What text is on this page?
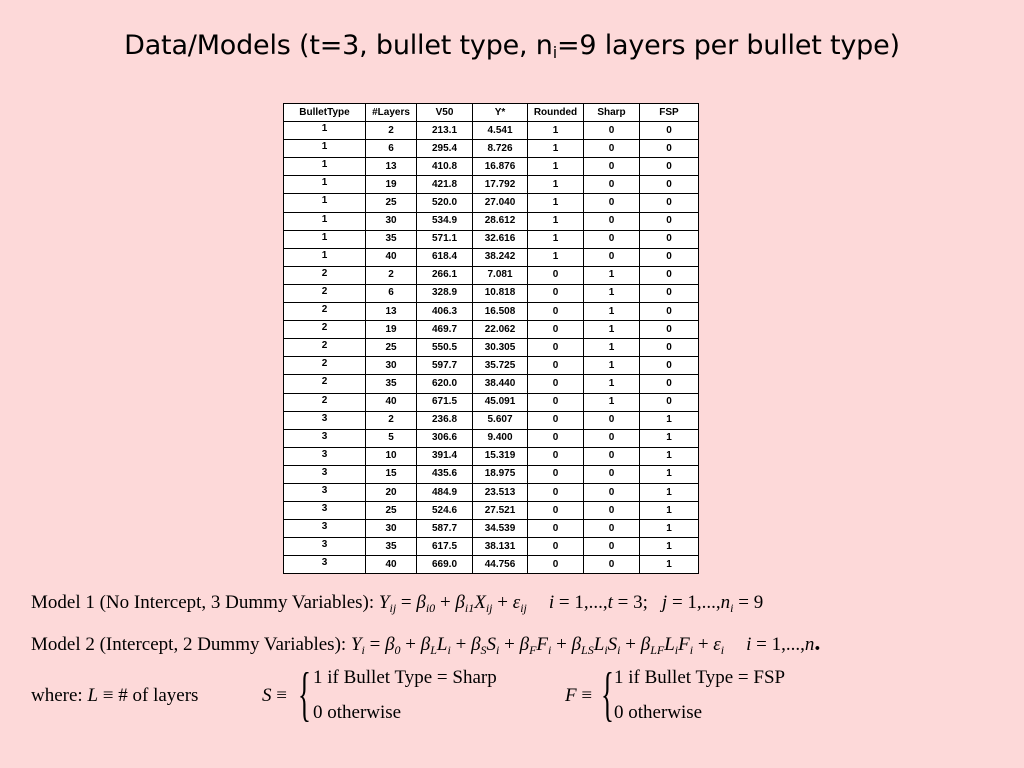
Data/Models (t=3, bullet type, $n_i=9$ layers per bullet type)
BulletType	#Layers	V50	Y*	Rounded	Sharp	FSP
1	2	213.1	4.541	1	0	0
1	6	295.4	8.726	1	0	0
1	13	410.8	16.876	1	0	0
1	19	421.8	17.792	1	0	0
1	25	520.0	27.040	1	0	0
1	30	534.9	28.612	1	0	0
1	35	571.1	32.616	1	0	0
1	40	618.4	38.242	1	0	0
2	2	266.1	7.081	0	1	0
2	6	328.9	10.818	0	1	0
2	13	406.3	16.508	0	1	0
2	19	469.7	22.062	0	1	0
2	25	550.5	30.305	0	1	0
2	30	597.7	35.725	0	1	0
2	35	620.0	38.440	0	1	0
2	40	671.5	45.091	0	1	0
3	2	236.8	5.607	0	0	1
3	5	306.6	9.400	0	0	1
3	10	391.4	15.319	0	0	1
3	15	435.6	18.975	0	0	1
3	20	484.9	23.513	0	0	1
3	25	524.6	27.521	0	0	1
3	30	587.7	34.539	0	0	1
3	35	617.5	38.131	0	0	1
3	40	669.0	44.756	0	0	1
Model 1 (No Intercept, 3 Dummy Variables): $Y_{ij} = \beta_{i0} + \beta_{i1}X_{ij} + \varepsilon_{ij}$ i = 1,...,t = 3; $j = 1,...,n_i = 9$
Model 2 (Intercept, 2 Dummy Variables): $Y_i = \beta_0 + \beta_LL_i + \beta_SS_i + \beta_FF_i + \beta_{LS}L_iS_i + \beta_{LF}L_iF_i + \varepsilon_i$ i = 1,...,n.
where: L ≡ # of layers	S ≡ { 1 if Bullet Type = Sharp
0 otherwise
F ≡ { 1 if Bullet Type = FSP
0 otherwise
